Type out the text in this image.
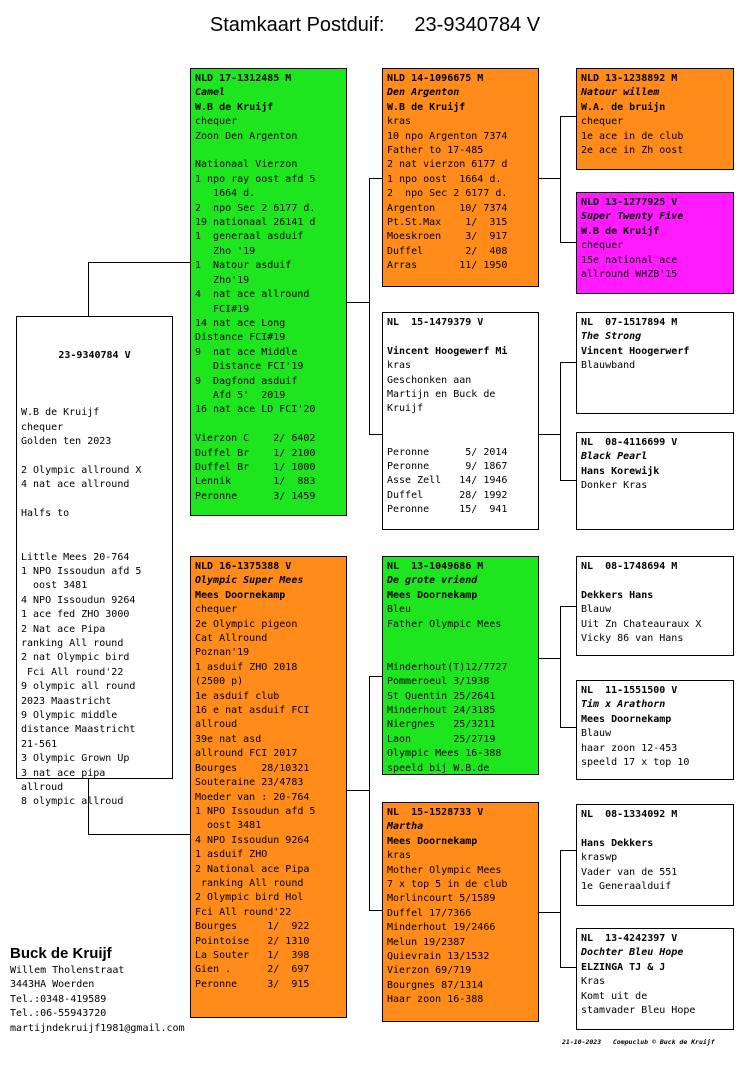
Stamkaart Postduif: 23-9340784 V

23-9340784 V

W.B de Kruijf
chequer
Golden ten 2023

2 Olympic allround X
4 nat ace allround

Halfs to

Little Mees 20-764
1 NPO Issoudun afd 5
oost 3481
4 NPO Issoudun 9264
1 ace fed ZHO 3000
2 Nat ace Pipa
ranking All round
2 nat Olympic bird
Fci All round'22
9 olympic all round
2023 Maastricht
9 Olympic middle
distance Maastricht
21-561
3 Olympic Grown Up
3 nat ace pipa
allroud
8 olympic allroud

NLD 17-1312485 M
Camel
W.B de Kruijf
chequer
Zoon Den Argenton

Nationaal Vierzon
1 npo ray oost afd 5
1664 d.
2  npo Sec 2 6177 d.
19 nationaal 26141 d
1  generaal asduif
Zho '19
1  Natour asduif
Zho'19
4  nat ace allround
FCI#19
14 nat ace Long
Distance FCI#19
9  nat ace Middle
Distance FCI'19
9  Dagfond asduif
Afd 5'  2019
16 nat ace LD FCI'20

Vierzon C    2/ 6402
Duffel Br    1/ 2100
Duffel Br    1/ 1000
Lennik       1/  883
Peronne      3/ 1459
NLD 16-1375388 V
Olympic Super Mees
Mees Doornekamp
chequer
2e Olympic pigeon
Cat Allround
Poznan'19
1 asduif ZHO 2018
(2500 p)
1e asduif club
16 e nat asduif FCI
allroud
39e nat asd
allround FCI 2017
Bourges    28/10321
Souteraine 23/4783
Moeder van : 20-764
1 NPO Issoudun afd 5
oost 3481
4 NPO Issoudun 9264
1 asduif ZHO
2 National ace Pipa
ranking All round
2 Olympic bird Hol
Fci All round'22
Bourges     1/  922
Pointoise   2/ 1310
La Souter   1/  398
Gien .      2/  697
Peronne     3/  915
NLD 14-1096675 M
Den Argenton
W.B de Kruijf
kras
10 npo Argenton 7374
Father to 17-485
2 nat vierzon 6177 d
1 npo oost  1664 d.
2  npo Sec 2 6177 d.
Argenton    10/ 7374
Pt.St.Max    1/  315
Moeskroen    3/  917
Duffel       2/  408
Arras       11/ 1950
NL  15-1479379 V

Vincent Hoogewerf Mi
kras
Geschonken aan
Martijn en Buck de
Kruijf

Peronne      5/ 2014
Peronne      9/ 1867
Asse Zell   14/ 1946
Duffel      28/ 1992
Peronne     15/  941
NL  13-1049686 M
De grote vriend
Mees Doornekamp
Bleu
Father Olympic Mees

Minderhout(T)12/7727
Pommeroeul 3/1938
St Quentin 25/2641
Minderhout 24/3185
Niergnes   25/3211
Laon       25/2719
Olympic Mees 16-388
speeld bij W.B.de
NL  15-1528733 V
Martha
Mees Doornekamp
kras
Mother Olympic Mees
7 x top 5 in de club
Morlincourt 5/1589
Duffel 17/7366
Minderhout 19/2466
Melun 19/2387
Quievrain 13/1532
Vierzon 69/719
Bourgnes 87/1314
Haar zoon 16-388
NLD 13-1238892 M
Natour willem
W.A. de bruijn
chequer
1e ace in de club
2e ace in Zh oost
NLD 13-1277925 V
Super Twenty Five
W.B de Kruijf
chequer
15e national ace
allround WHZB'15
NL  07-1517894 M
The Strong
Vincent Hoogerwerf
Blauwband
NL  08-4116699 V
Black Pearl
Hans Korewijk
Donker Kras
NL  08-1748694 M

Dekkers Hans
Blauw
Uit Zn Chateauraux X
Vicky 86 van Hans
NL  11-1551500 V
Tim x Arathorn
Mees Doornekamp
Blauw
haar zoon 12-453
speeld 17 x top 10
NL  08-1334092 M

Hans Dekkers
kraswp
Vader van de 551
1e Generaalduif
NL  13-4242397 V
Dochter Bleu Hope
ELZINGA TJ & J
Kras
Komt uit de
stamvader Bleu Hope
Buck de Kruijf
Willem Tholenstraat
3443HA Woerden
Tel.:0348-419589
Tel.:06-55943720
martijndekruijf1981@gmail.com
21-10-2023   Compuclub © Buck de Kruijf
